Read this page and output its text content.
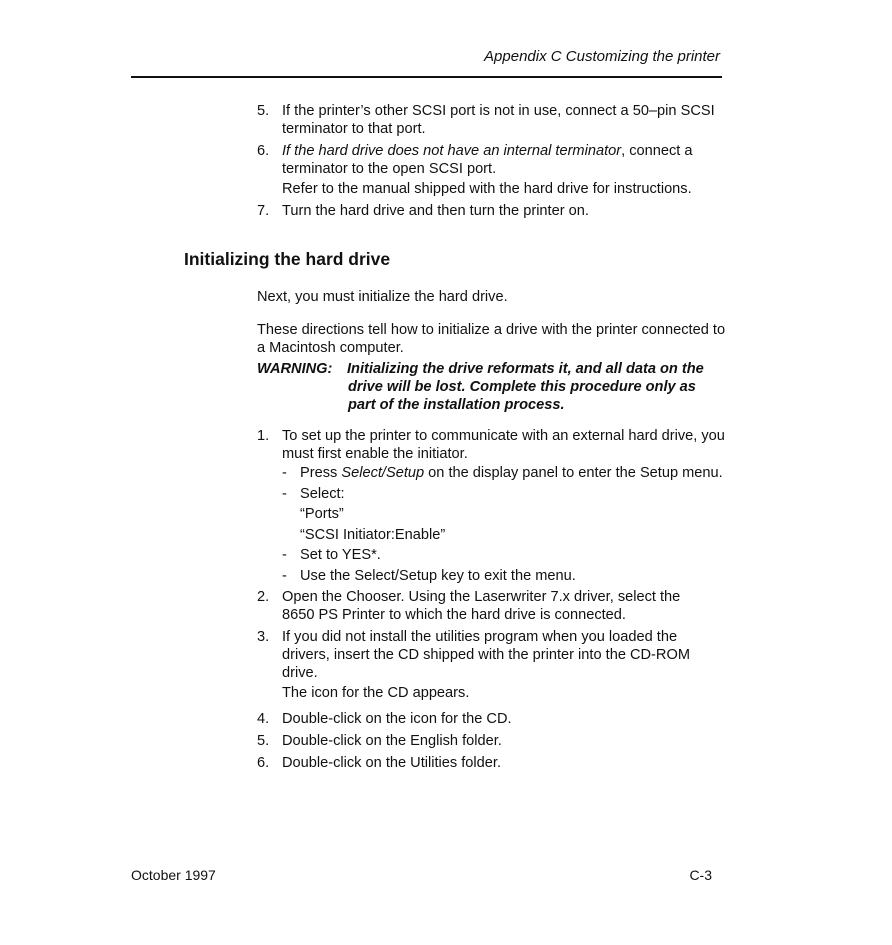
Appendix C Customizing the printer
5. If the printer’s other SCSI port is not in use, connect a 50–pin SCSI
terminator to that port.
6. If the hard drive does not have an internal terminator, connect a
terminator to the open SCSI port.
Refer to the manual shipped with the hard drive for instructions.
7. Turn the hard drive and then turn the printer on.
Initializing the hard drive
Next, you must initialize the hard drive.
These directions tell how to initialize a drive with the printer connected to
a Macintosh computer.
WARNING: Initializing the drive reformats it, and all data on the
drive will be lost. Complete this procedure only as
part of the installation process.
1. To set up the printer to communicate with an external hard drive, you
must first enable the initiator.
- Press Select/Setup on the display panel to enter the Setup menu.
- Select:
“Ports”
“SCSI Initiator:Enable”
- Set to YES*.
- Use the Select/Setup key to exit the menu.
2. Open the Chooser. Using the Laserwriter 7.x driver, select the
8650 PS Printer to which the hard drive is connected.
3. If you did not install the utilities program when you loaded the
drivers, insert the CD shipped with the printer into the CD-ROM
drive.
The icon for the CD appears.
4. Double-click on the icon for the CD.
5. Double-click on the English folder.
6. Double-click on the Utilities folder.
October 1997	C-3
